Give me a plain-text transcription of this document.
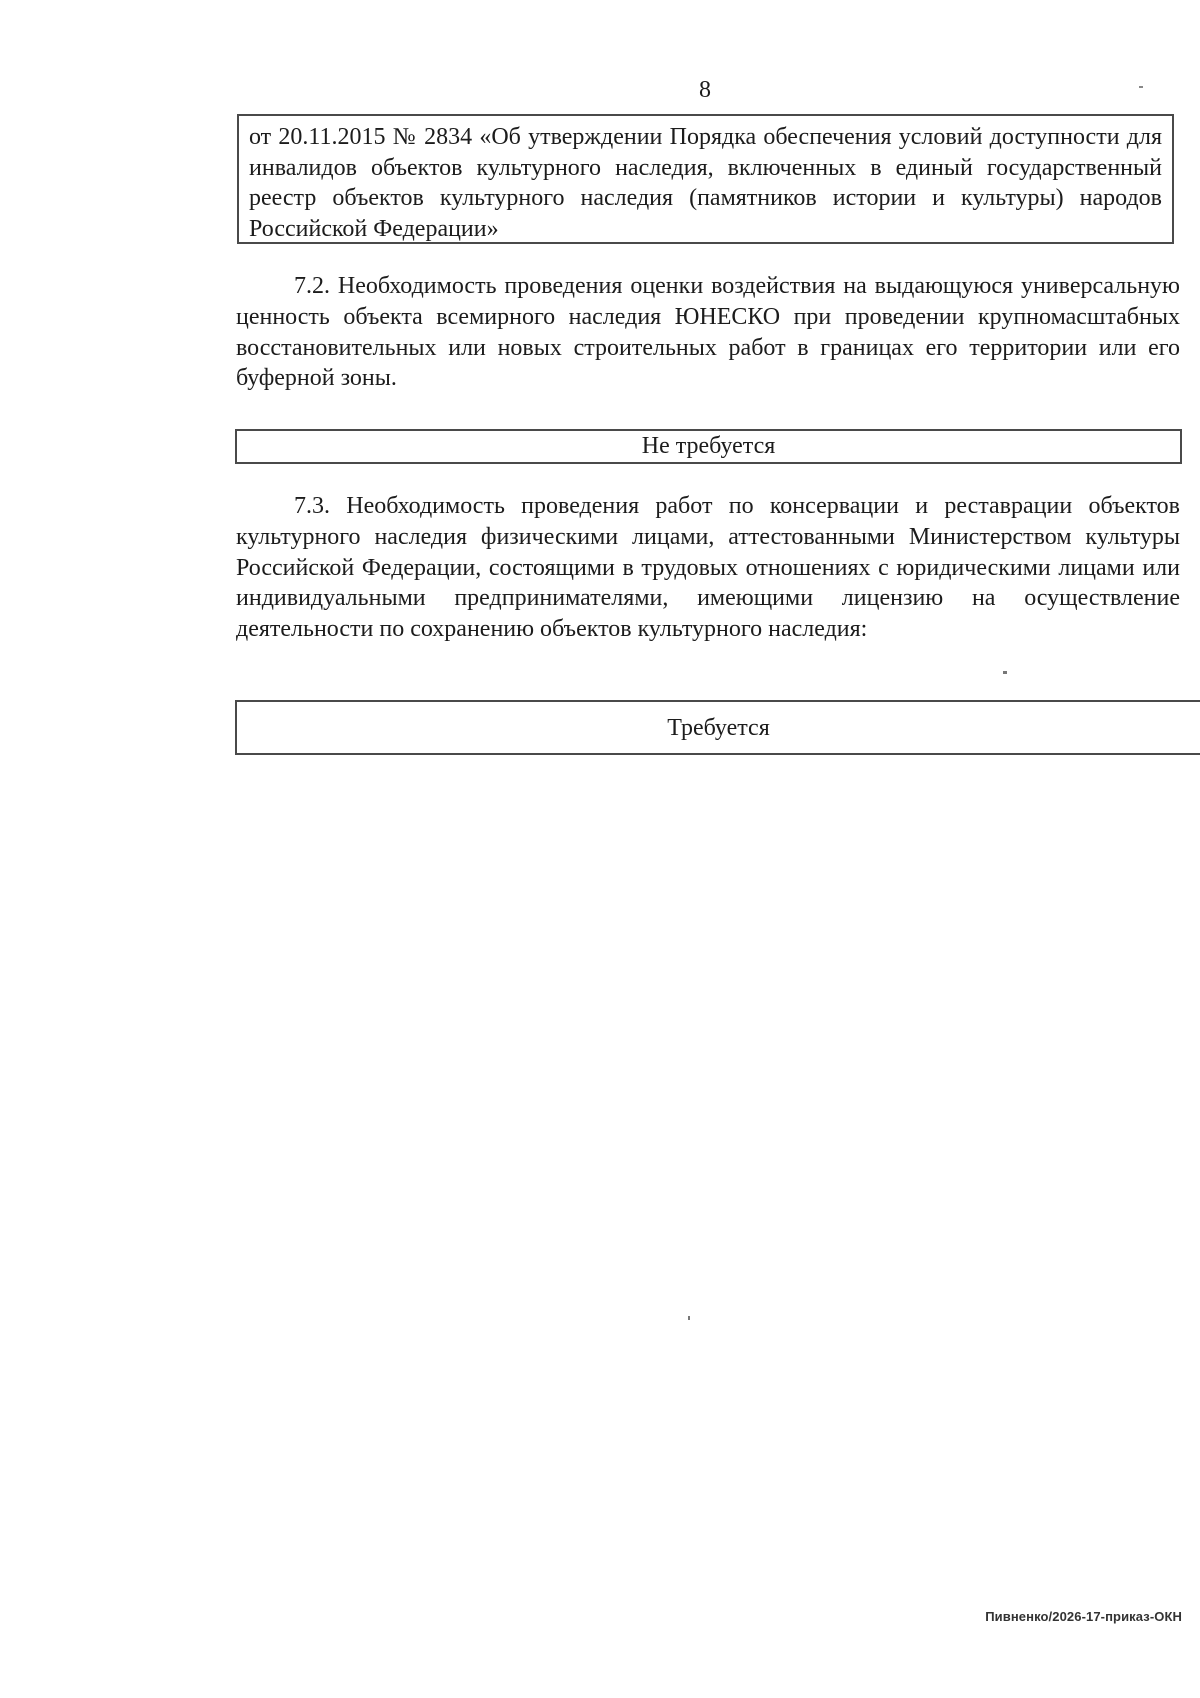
8

от 20.11.2015 № 2834 «Об утверждении Порядка обеспечения условий доступности для инвалидов объектов культурного наследия, включенных в единый государственный реестр объектов культурного наследия (памятников истории и культуры) народов Российской Федерации»

7.2. Необходимость проведения оценки воздействия на выдающуюся универсальную ценность объекта всемирного наследия ЮНЕСКО при проведении крупномасштабных восстановительных или новых строительных работ в границах его территории или его буферной зоны.

Не требуется

7.3. Необходимость проведения работ по консервации и реставрации объектов культурного наследия физическими лицами, аттестованными Министерством культуры Российской Федерации, состоящими в трудовых отношениях с юридическими лицами или индивидуальными предпринимателями, имеющими лицензию на осуществление деятельности по сохранению объектов культурного наследия:

Требуется
Пивненко/2026-17-приказ-ОКН
